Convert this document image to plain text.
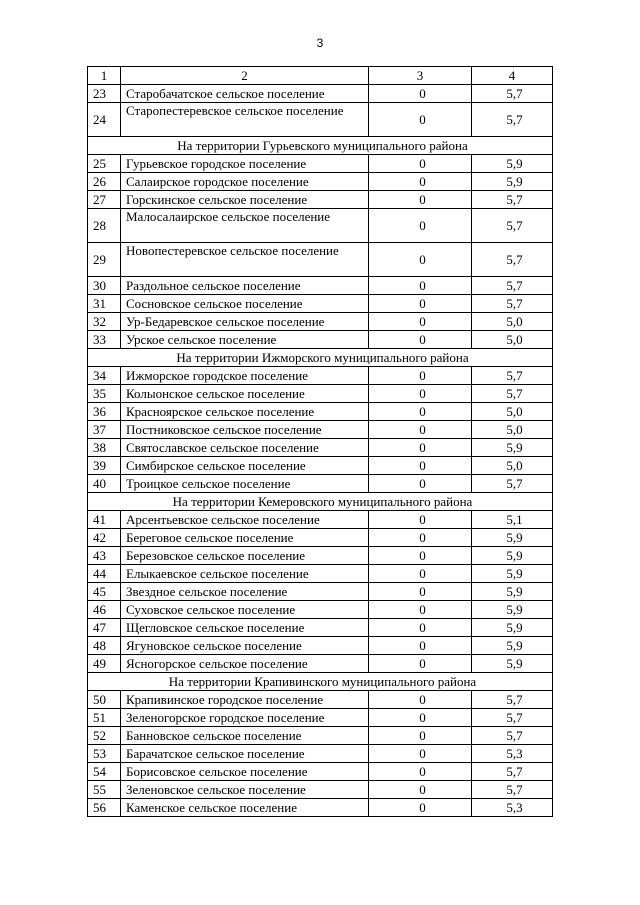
3
1	2	3	4
23	Старобачатское сельское поселение	0	5,7
24	Старопестеревское сельское поселение	0	5,7
На территории Гурьевского муниципального района			
25	Гурьевское городское поселение	0	5,9
26	Салаирское городское поселение	0	5,9
27	Горскинское сельское поселение	0	5,7
28	Малосалаирское сельское поселение	0	5,7
29	Новопестеревское сельское поселение	0	5,7
30	Раздольное сельское поселение	0	5,7
31	Сосновское сельское поселение	0	5,7
32	Ур-Бедаревское сельское поселение	0	5,0
33	Урское сельское поселение	0	5,0
На территории Ижморского муниципального района			
34	Ижморское городское поселение	0	5,7
35	Колыонское сельское поселение	0	5,7
36	Красноярское сельское поселение	0	5,0
37	Постниковское сельское поселение	0	5,0
38	Святославское сельское поселение	0	5,9
39	Симбирское сельское поселение	0	5,0
40	Троицкое сельское поселение	0	5,7
На территории Кемеровского муниципального района			
41	Арсентьевское сельское поселение	0	5,1
42	Береговое сельское поселение	0	5,9
43	Березовское сельское поселение	0	5,9
44	Елыкаевское сельское поселение	0	5,9
45	Звездное сельское поселение	0	5,9
46	Суховское сельское поселение	0	5,9
47	Щегловское сельское поселение	0	5,9
48	Ягуновское сельское поселение	0	5,9
49	Ясногорское сельское поселение	0	5,9
На территории Крапивинского муниципального района			
50	Крапивинское городское поселение	0	5,7
51	Зеленогорское городское поселение	0	5,7
52	Банновское сельское поселение	0	5,7
53	Барачатское сельское поселение	0	5,3
54	Борисовское сельское поселение	0	5,7
55	Зеленовское сельское поселение	0	5,7
56	Каменское сельское поселение	0	5,3
